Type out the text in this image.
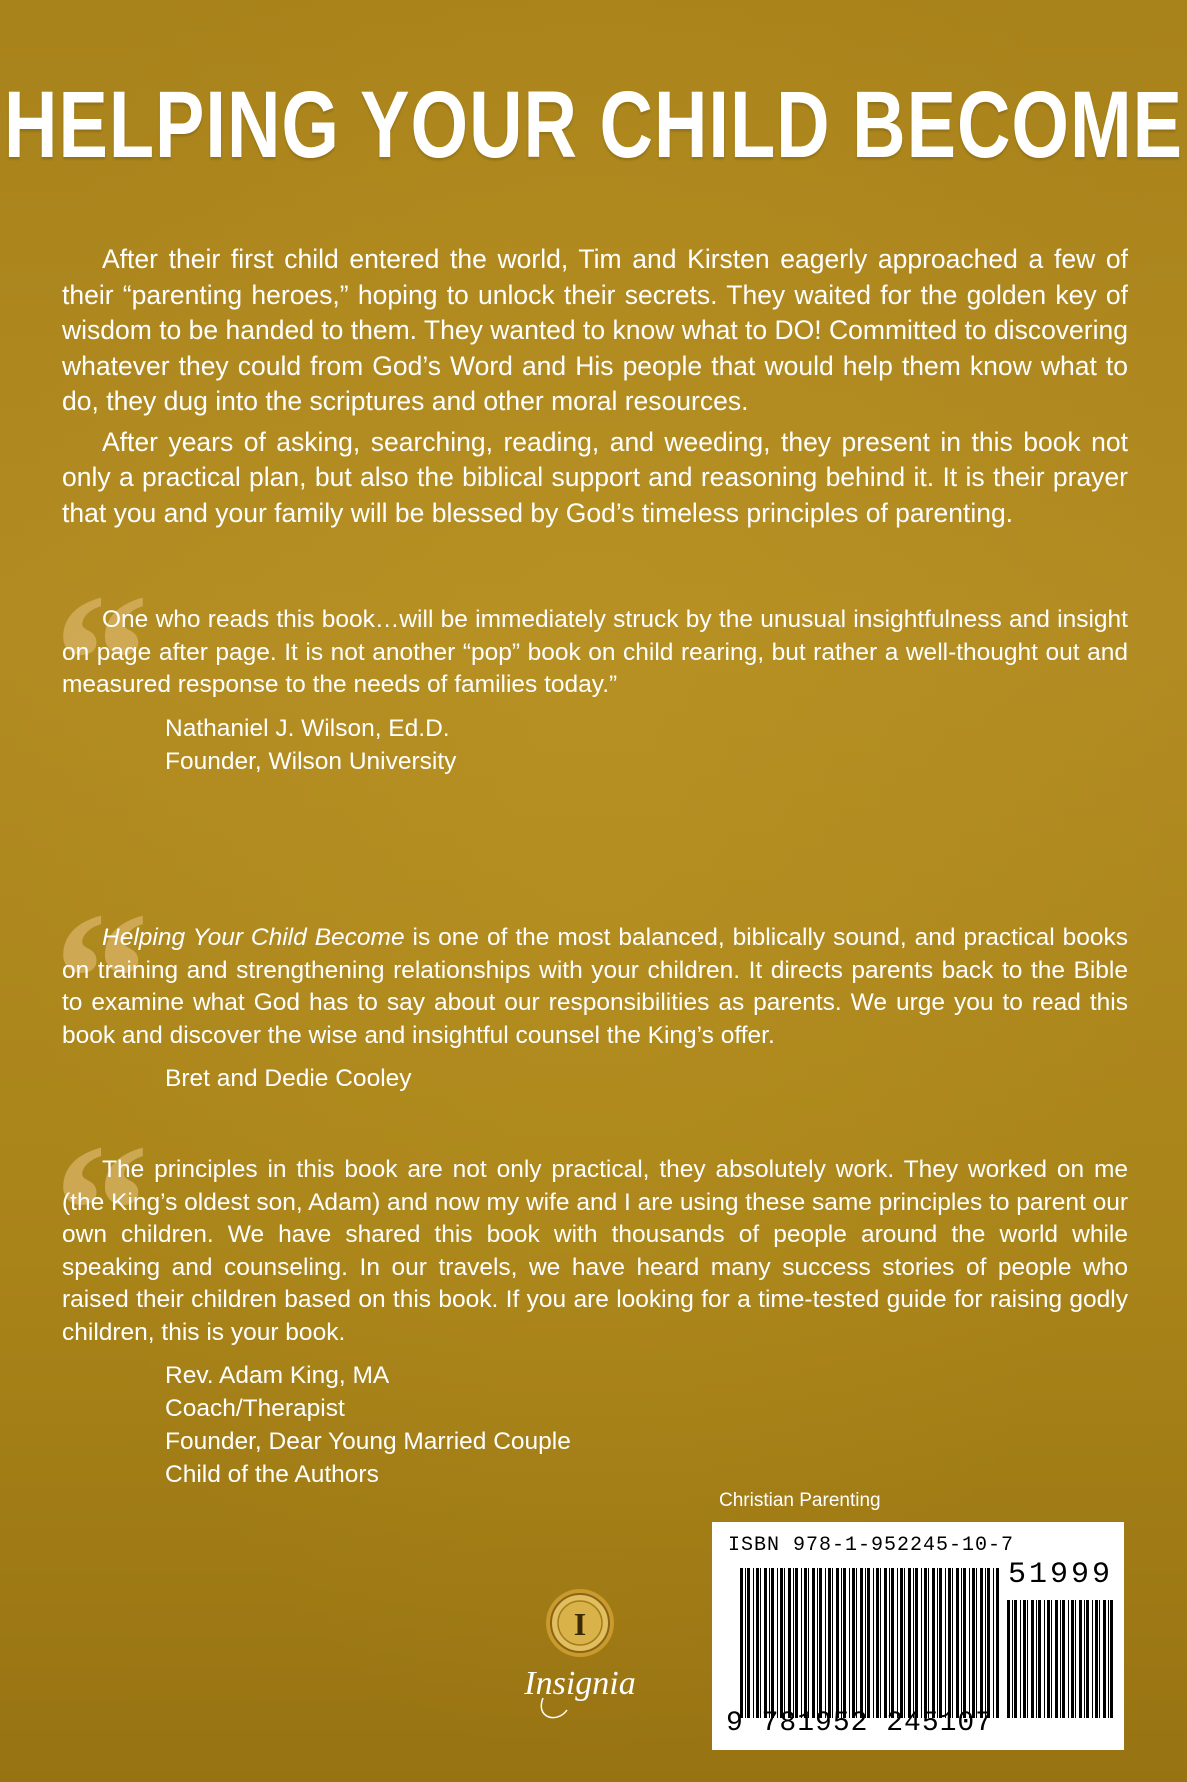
HELPING YOUR CHILD BECOME

After their first child entered the world, Tim and Kirsten eagerly approached a few of their “parenting heroes,” hoping to unlock their secrets. They waited for the golden key of wisdom to be handed to them. They wanted to know what to DO! Committed to discovering whatever they could from God’s Word and His people that would help them know what to do, they dug into the scriptures and other moral resources.

After years of asking, searching, reading, and weeding, they present in this book not only a practical plan, but also the biblical support and reasoning behind it. It is their prayer that you and your family will be blessed by God’s timeless principles of parenting.

“

One who reads this book…will be immediately struck by the unusual insightfulness and insight on page after page. It is not another “pop” book on child rearing, but rather a well-thought out and measured response to the needs of families today.”

Nathaniel J. Wilson, Ed.D.
Founder, Wilson University
“

Helping Your Child Become is one of the most balanced, biblically sound, and practical books on training and strengthening relationships with your children. It directs parents back to the Bible to examine what God has to say about our responsibilities as parents. We urge you to read this book and discover the wise and insightful counsel the King’s offer.

Bret and Dedie Cooley
“

The principles in this book are not only practical, they absolutely work. They worked on me (the King’s oldest son, Adam) and now my wife and I are using these same principles to parent our own children. We have shared this book with thousands of people around the world while speaking and counseling. In our travels, we have heard many success stories of people who raised their children based on this book. If you are looking for a time-tested guide for raising godly children, this is your book.

Rev. Adam King, MA
Coach/Therapist
Founder, Dear Young Married Couple
Child of the Authors
I
Insignia
Christian Parenting
ISBN 978-1-952245-10-7
51999
9 781952 245107
